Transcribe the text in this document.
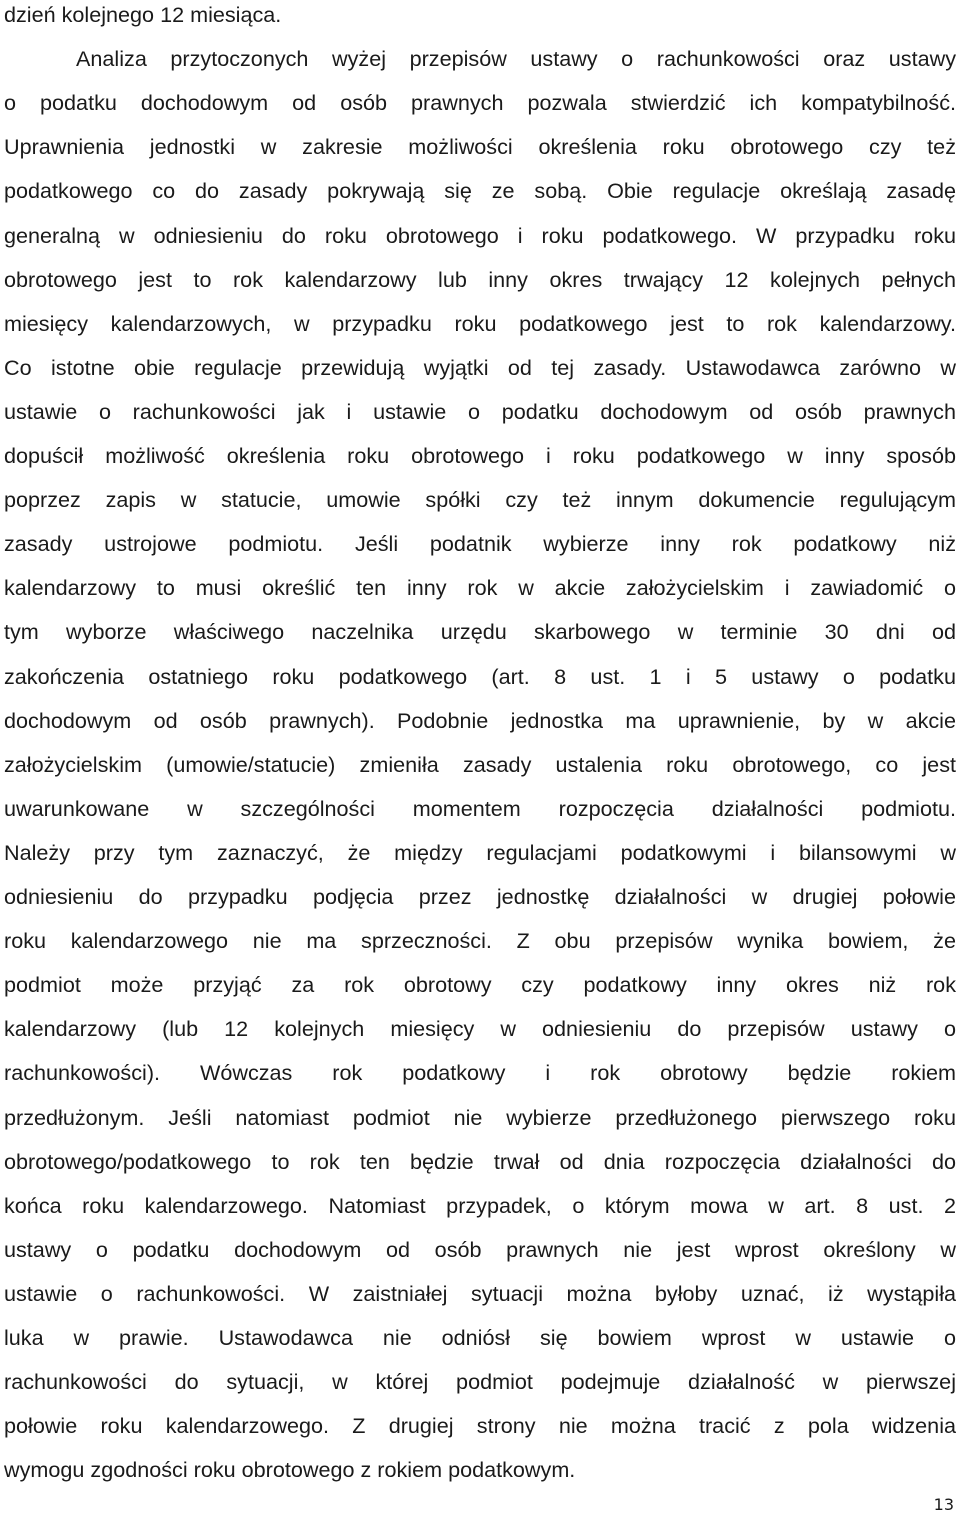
dzień kolejnego 12 miesiąca.
Analiza przytoczonych wyżej przepisów ustawy o rachunkowości oraz ustawy
o podatku dochodowym od osób prawnych pozwala stwierdzić ich kompatybilność.
Uprawnienia jednostki w zakresie możliwości określenia roku obrotowego czy też
podatkowego co do zasady pokrywają się ze sobą. Obie regulacje określają zasadę
generalną w odniesieniu do roku obrotowego i roku podatkowego. W przypadku roku
obrotowego jest to rok kalendarzowy lub inny okres trwający 12 kolejnych pełnych
miesięcy kalendarzowych, w przypadku roku podatkowego jest to rok kalendarzowy.
Co istotne obie regulacje przewidują wyjątki od tej zasady. Ustawodawca zarówno w
ustawie o rachunkowości jak i ustawie o podatku dochodowym od osób prawnych
dopuścił możliwość określenia roku obrotowego i roku podatkowego w inny sposób
poprzez zapis w statucie, umowie spółki czy też innym dokumencie regulującym
zasady ustrojowe podmiotu. Jeśli podatnik wybierze inny rok podatkowy niż
kalendarzowy to musi określić ten inny rok w akcie założycielskim i zawiadomić o
tym wyborze właściwego naczelnika urzędu skarbowego w terminie 30 dni od
zakończenia ostatniego roku podatkowego (art. 8 ust. 1 i 5 ustawy o podatku
dochodowym od osób prawnych). Podobnie jednostka ma uprawnienie, by w akcie
założycielskim (umowie/statucie) zmieniła zasady ustalenia roku obrotowego, co jest
uwarunkowane w szczególności momentem rozpoczęcia działalności podmiotu.
Należy przy tym zaznaczyć, że między regulacjami podatkowymi i bilansowymi w
odniesieniu do przypadku podjęcia przez jednostkę działalności w drugiej połowie
roku kalendarzowego nie ma sprzeczności. Z obu przepisów wynika bowiem, że
podmiot może przyjąć za rok obrotowy czy podatkowy inny okres niż rok
kalendarzowy (lub 12 kolejnych miesięcy w odniesieniu do przepisów ustawy o
rachunkowości). Wówczas rok podatkowy i rok obrotowy będzie rokiem
przedłużonym. Jeśli natomiast podmiot nie wybierze przedłużonego pierwszego roku
obrotowego/podatkowego to rok ten będzie trwał od dnia rozpoczęcia działalności do
końca roku kalendarzowego. Natomiast przypadek, o którym mowa w art. 8 ust. 2
ustawy o podatku dochodowym od osób prawnych nie jest wprost określony w
ustawie o rachunkowości. W zaistniałej sytuacji można byłoby uznać, iż wystąpiła
luka w prawie. Ustawodawca nie odniósł się bowiem wprost w ustawie o
rachunkowości do sytuacji, w której podmiot podejmuje działalność w pierwszej
połowie roku kalendarzowego. Z drugiej strony nie można tracić z pola widzenia
wymogu zgodności roku obrotowego z rokiem podatkowym.
13
